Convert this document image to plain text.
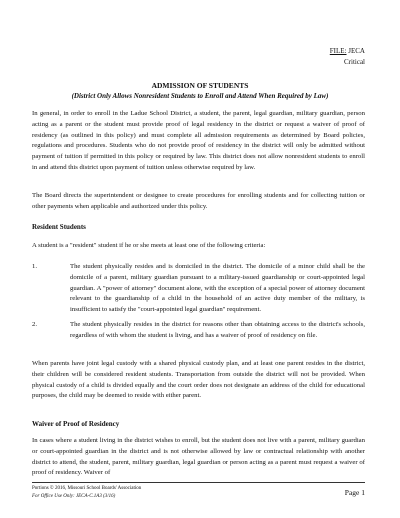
FILE: JECA
Critical
ADMISSION OF STUDENTS
(District Only Allows Nonresident Students to Enroll and Attend When Required by Law)
In general, in order to enroll in the Ladue School District, a student, the parent, legal guardian, military guardian, person acting as a parent or the student must provide proof of legal residency in the district or request a waiver of proof of residency (as outlined in this policy) and must complete all admission requirements as determined by Board policies, regulations and procedures. Students who do not provide proof of residency in the district will only be admitted without payment of tuition if permitted in this policy or required by law. This district does not allow nonresident students to enroll in and attend this district upon payment of tuition unless otherwise required by law.
The Board directs the superintendent or designee to create procedures for enrolling students and for collecting tuition or other payments when applicable and authorized under this policy.
Resident Students
A student is a "resident" student if he or she meets at least one of the following criteria:
1.	The student physically resides and is domiciled in the district. The domicile of a minor child shall be the domicile of a parent, military guardian pursuant to a military-issued guardianship or court-appointed legal guardian. A "power of attorney" document alone, with the exception of a special power of attorney document relevant to the guardianship of a child in the household of an active duty member of the military, is insufficient to satisfy the "court-appointed legal guardian" requirement.
2.	The student physically resides in the district for reasons other than obtaining access to the district's schools, regardless of with whom the student is living, and has a waiver of proof of residency on file.
When parents have joint legal custody with a shared physical custody plan, and at least one parent resides in the district, their children will be considered resident students. Transportation from outside the district will not be provided. When physical custody of a child is divided equally and the court order does not designate an address of the child for educational purposes, the child may be deemed to reside with either parent.
Waiver of Proof of Residency
In cases where a student living in the district wishes to enroll, but the student does not live with a parent, military guardian or court-appointed guardian in the district and is not otherwise allowed by law or contractual relationship with another district to attend, the student, parent, military guardian, legal guardian or person acting as a parent must request a waiver of proof of residency. Waiver of
Portions © 2016, Missouri School Boards' Association
For Office Use Only: JECA-C.1A3 (3/16)	Page 1
